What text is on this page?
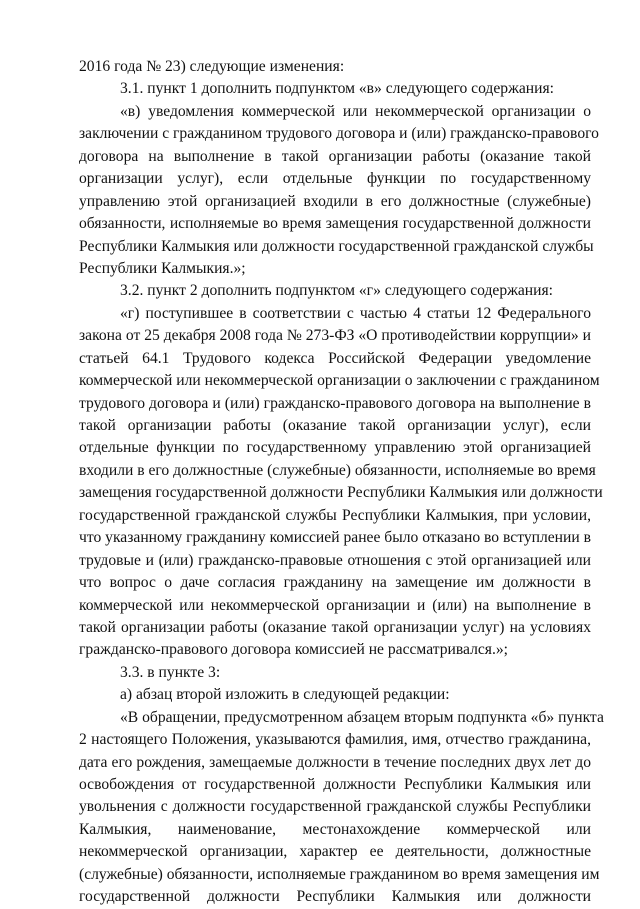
2016 года № 23) следующие изменения:
3.1. пункт 1 дополнить подпунктом «в» следующего содержания:
«в) уведомления коммерческой или некоммерческой организации о
заключении с гражданином трудового договора и (или) гражданско-правового
договора на выполнение в такой организации работы (оказание такой
организации услуг), если отдельные функции по государственному
управлению этой организацией входили в его должностные (служебные)
обязанности, исполняемые во время замещения государственной должности
Республики Калмыкия или должности государственной гражданской службы
Республики Калмыкия.»;
3.2. пункт 2 дополнить подпунктом «г» следующего содержания:
«г) поступившее в соответствии с частью 4 статьи 12 Федерального
закона от 25 декабря 2008 года № 273-ФЗ «О противодействии коррупции» и
статьей 64.1 Трудового кодекса Российской Федерации уведомление
коммерческой или некоммерческой организации о заключении с гражданином
трудового договора и (или) гражданско-правового договора на выполнение в
такой организации работы (оказание такой организации услуг), если
отдельные функции по государственному управлению этой организацией
входили в его должностные (служебные) обязанности, исполняемые во время
замещения государственной должности Республики Калмыкия или должности
государственной гражданской службы Республики Калмыкия, при условии,
что указанному гражданину комиссией ранее было отказано во вступлении в
трудовые и (или) гражданско-правовые отношения с этой организацией или
что вопрос о даче согласия гражданину на замещение им должности в
коммерческой или некоммерческой организации и (или) на выполнение в
такой организации работы (оказание такой организации услуг) на условиях
гражданско-правового договора комиссией не рассматривался.»;
3.3. в пункте 3:
а) абзац второй изложить в следующей редакции:
«В обращении, предусмотренном абзацем вторым подпункта «б» пункта
2 настоящего Положения, указываются фамилия, имя, отчество гражданина,
дата его рождения, замещаемые должности в течение последних двух лет до
освобождения от государственной должности Республики Калмыкия или
увольнения с должности государственной гражданской службы Республики
Калмыкия, наименование, местонахождение коммерческой или
некоммерческой организации, характер ее деятельности, должностные
(служебные) обязанности, исполняемые гражданином во время замещения им
государственной должности Республики Калмыкия или должности
